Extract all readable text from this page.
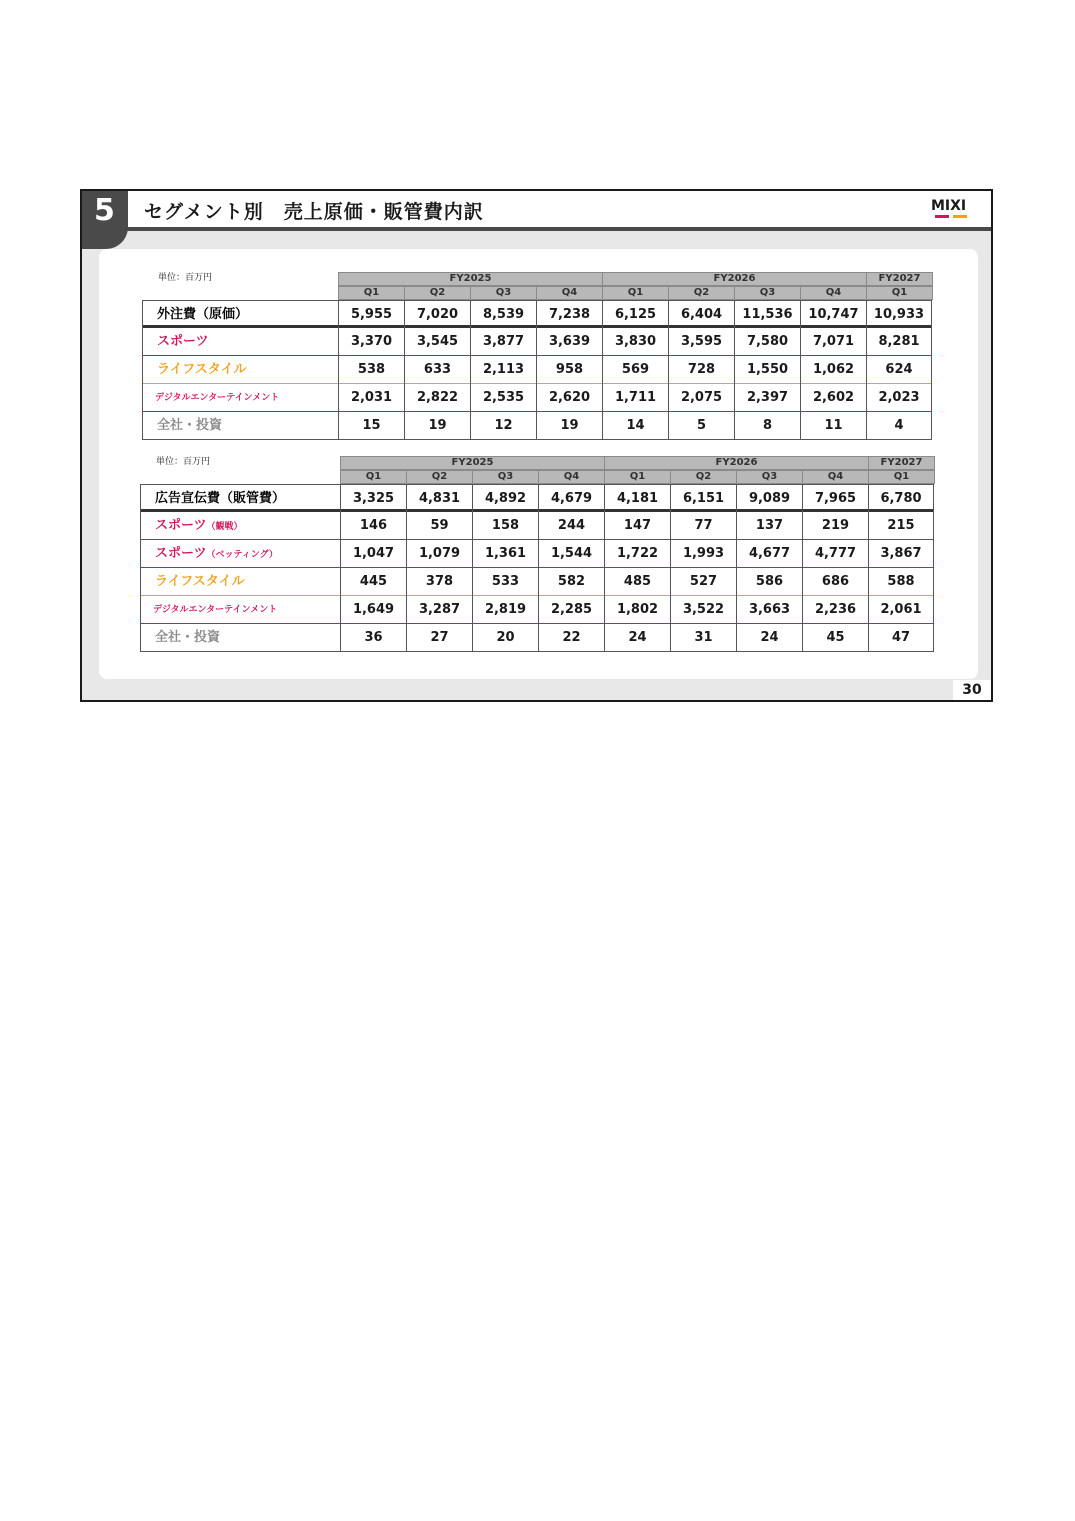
5 セグメント別　売上原価・販管費内訳	MIXI
単位：百万円	FY2025	FY2026	FY2027
Q1	Q2	Q3	Q4	Q1	Q2	Q3	Q4	Q1
外注費（原価）	5,955	7,020	8,539	7,238	6,125	6,404	11,536	10,747	10,933
スポーツ	3,370	3,545	3,877	3,639	3,830	3,595	7,580	7,071	8,281
ライフスタイル	538	633	2,113	958	569	728	1,550	1,062	624
デジタルエンターテインメント	2,031	2,822	2,535	2,620	1,711	2,075	2,397	2,602	2,023
全社・投資	15	19	12	19	14	5	8	11	4
単位：百万円	FY2025	FY2026	FY2027
Q1	Q2	Q3	Q4	Q1	Q2	Q3	Q4	Q1
広告宣伝費（販管費）	3,325	4,831	4,892	4,679	4,181	6,151	9,089	7,965	6,780
スポーツ（観戦）	146	59	158	244	147	77	137	219	215
スポーツ（ベッティング）	1,047	1,079	1,361	1,544	1,722	1,993	4,677	4,777	3,867
ライフスタイル	445	378	533	582	485	527	586	686	588
デジタルエンターテインメント	1,649	3,287	2,819	2,285	1,802	3,522	3,663	2,236	2,061
全社・投資	36	27	20	22	24	31	24	45	47
30
